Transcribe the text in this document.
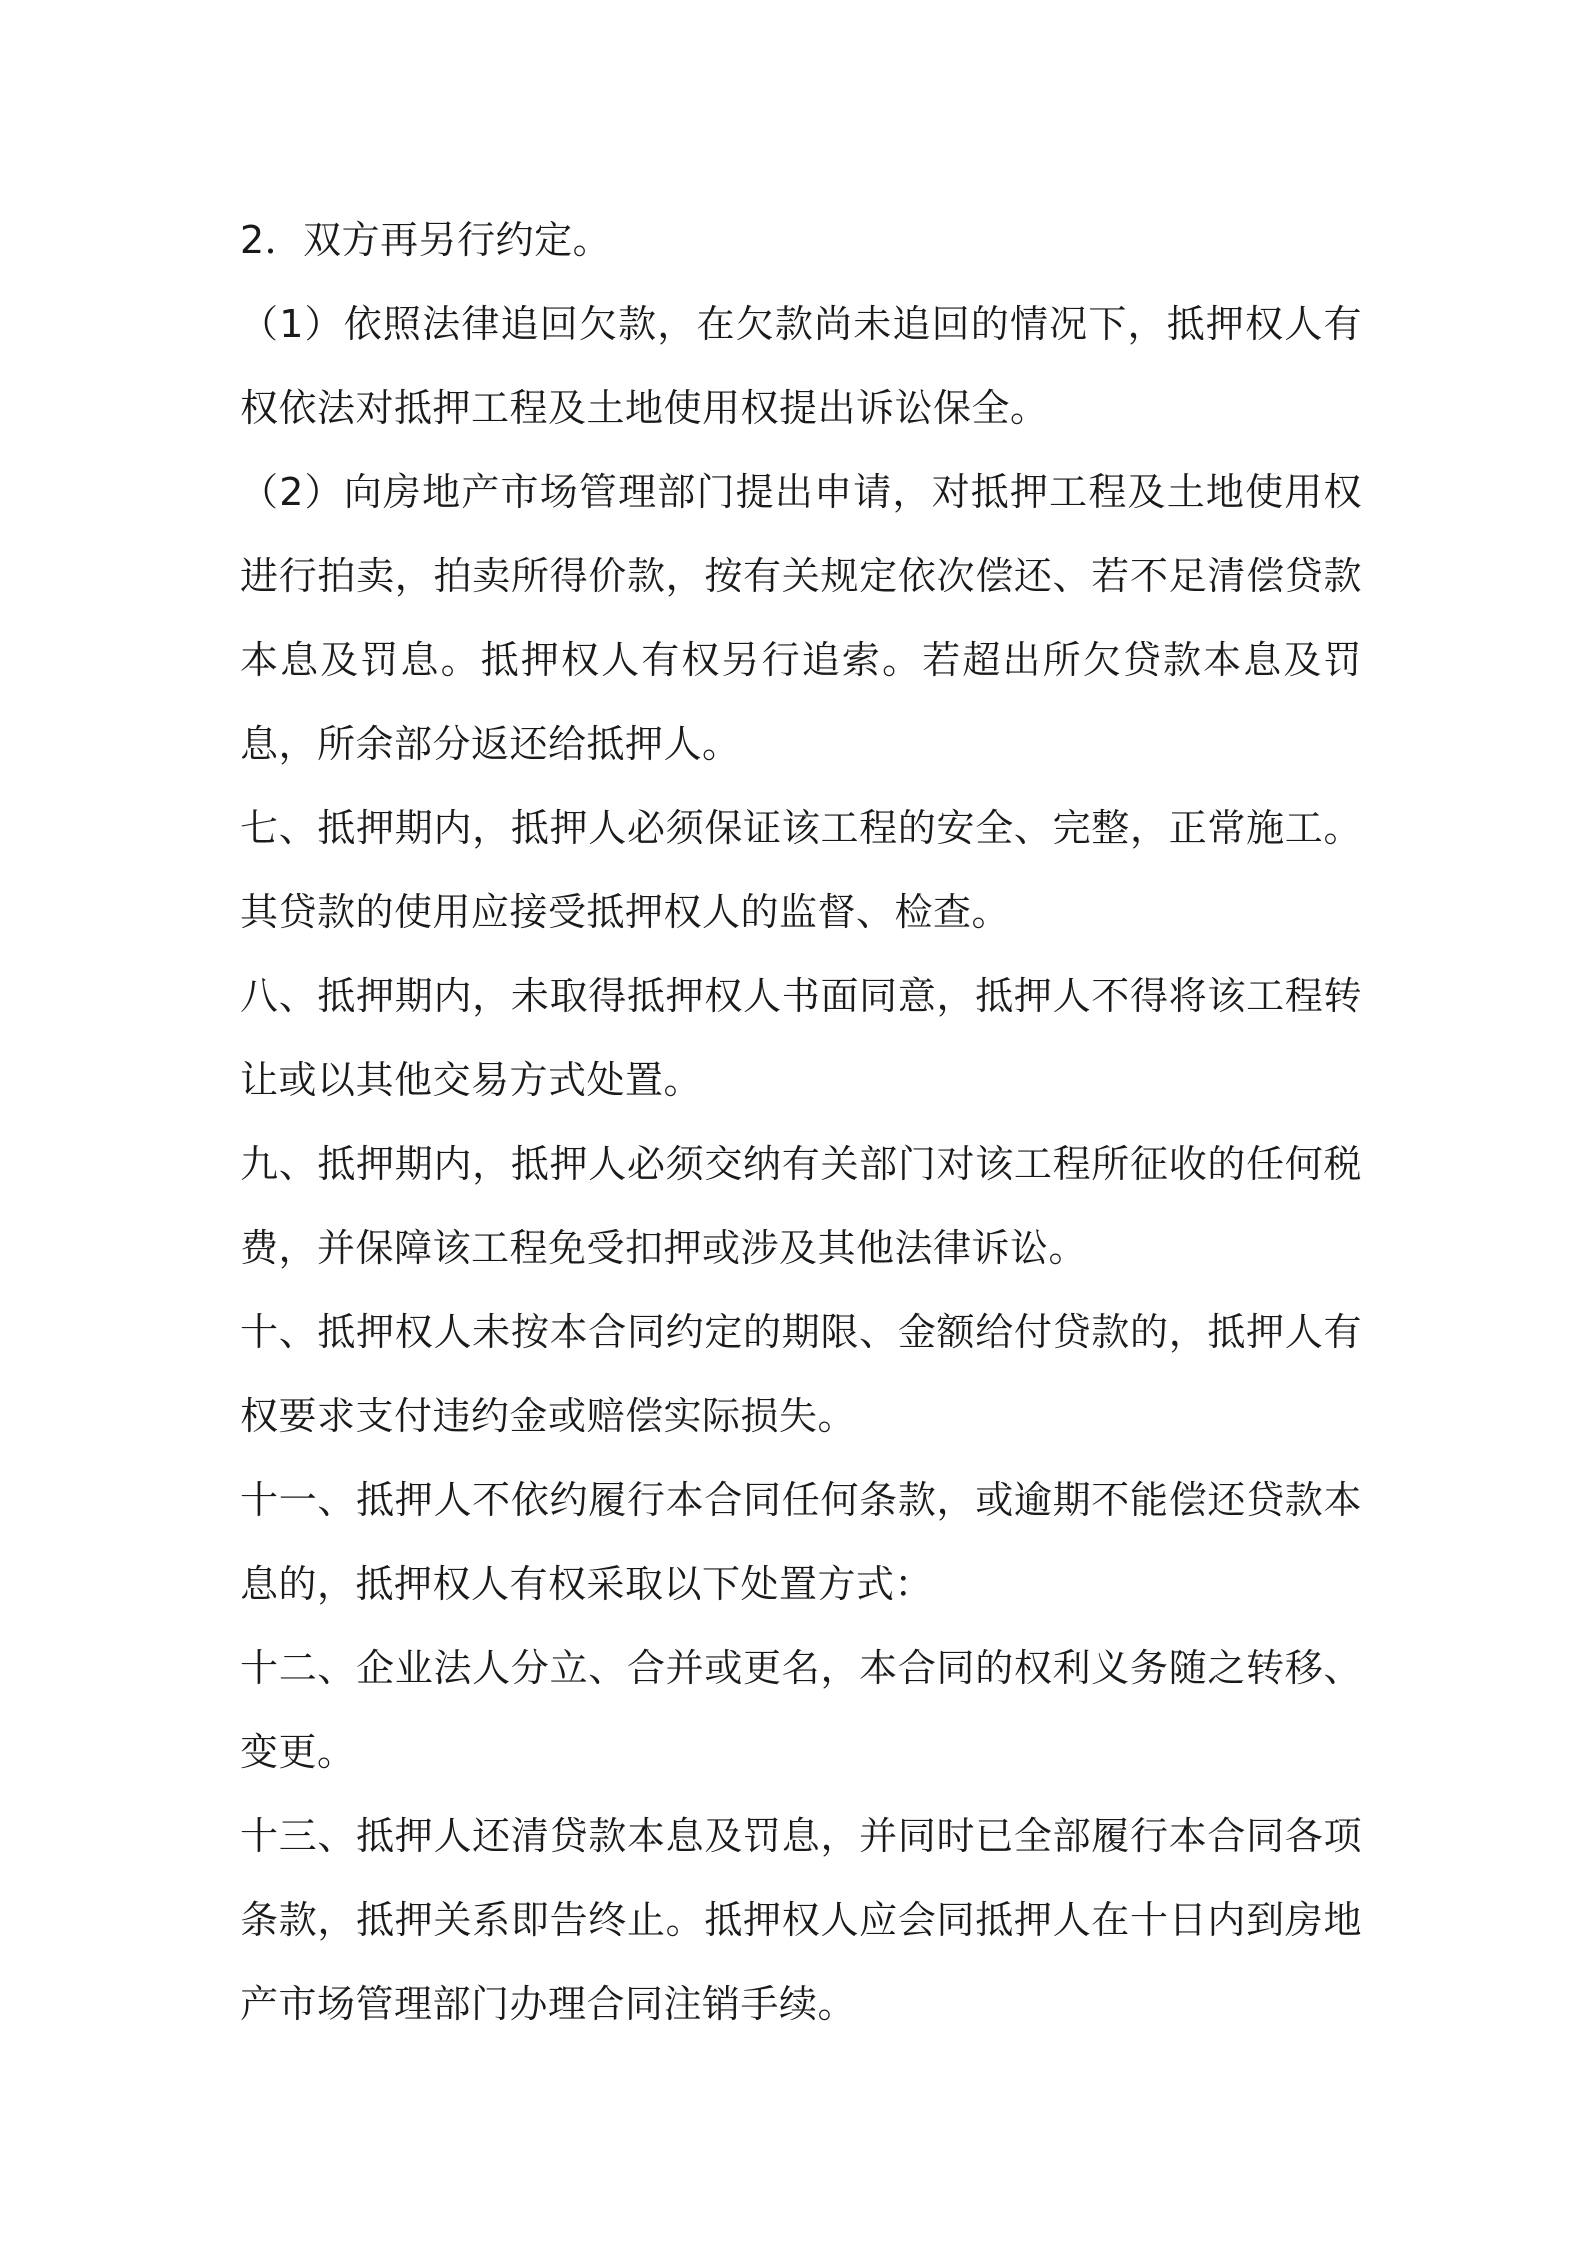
2．双方再另行约定。

（1）依照法律追回欠款，在欠款尚未追回的情况下，抵押权人有权依法对抵押工程及土地使用权提出诉讼保全。

（2）向房地产市场管理部门提出申请，对抵押工程及土地使用权进行拍卖，拍卖所得价款，按有关规定依次偿还、若不足清偿贷款本息及罚息。抵押权人有权另行追索。若超出所欠贷款本息及罚息，所余部分返还给抵押人。

七、抵押期内，抵押人必须保证该工程的安全、完整，正常施工。其贷款的使用应接受抵押权人的监督、检查。

八、抵押期内，未取得抵押权人书面同意，抵押人不得将该工程转让或以其他交易方式处置。

九、抵押期内，抵押人必须交纳有关部门对该工程所征收的任何税费，并保障该工程免受扣押或涉及其他法律诉讼。

十、抵押权人未按本合同约定的期限、金额给付贷款的，抵押人有权要求支付违约金或赔偿实际损失。

十一、抵押人不依约履行本合同任何条款，或逾期不能偿还贷款本息的，抵押权人有权采取以下处置方式：

十二、企业法人分立、合并或更名，本合同的权利义务随之转移、变更。

十三、抵押人还清贷款本息及罚息，并同时已全部履行本合同各项条款，抵押关系即告终止。抵押权人应会同抵押人在十日内到房地产市场管理部门办理合同注销手续。
